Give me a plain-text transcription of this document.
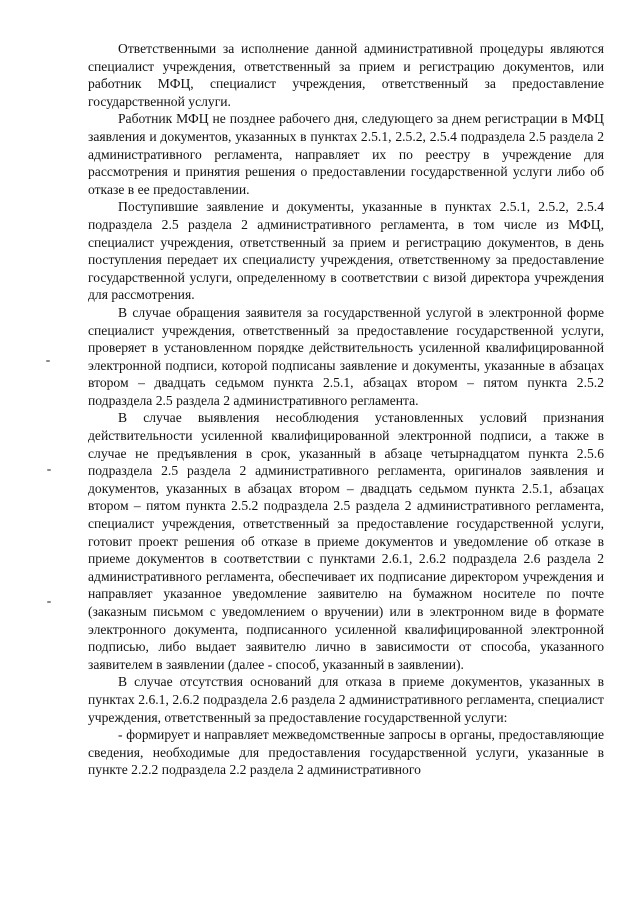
Ответственными за исполнение данной административной процедуры являются специалист учреждения, ответственный за прием и регистрацию документов, или работник МФЦ, специалист учреждения, ответственный за предоставление государственной услуги.

Работник МФЦ не позднее рабочего дня, следующего за днем регистрации в МФЦ заявления и документов, указанных в пунктах 2.5.1, 2.5.2, 2.5.4 подраздела 2.5 раздела 2 административного регламента, направляет их по реестру в учреждение для рассмотрения и принятия решения о предоставлении государственной услуги либо об отказе в ее предоставлении.

Поступившие заявление и документы, указанные в пунктах 2.5.1, 2.5.2, 2.5.4 подраздела 2.5 раздела 2 административного регламента, в том числе из МФЦ, специалист учреждения, ответственный за прием и регистрацию документов, в день поступления передает их специалисту учреждения, ответственному за предоставление государственной услуги, определенному в соответствии с визой директора учреждения для рассмотрения.

В случае обращения заявителя за государственной услугой в электронной форме специалист учреждения, ответственный за предоставление государственной услуги, проверяет в установленном порядке действительность усиленной квалифицированной электронной подписи, которой подписаны заявление и документы, указанные в абзацах втором – двадцать седьмом пункта 2.5.1, абзацах втором – пятом пункта 2.5.2 подраздела 2.5 раздела 2 административного регламента.

В случае выявления несоблюдения установленных условий признания действительности усиленной квалифицированной электронной подписи, а также в случае не предъявления в срок, указанный в абзаце четырнадцатом пункта 2.5.6 подраздела 2.5 раздела 2 административного регламента, оригиналов заявления и документов, указанных в абзацах втором – двадцать седьмом пункта 2.5.1, абзацах втором – пятом пункта 2.5.2 подраздела 2.5 раздела 2 административного регламента, специалист учреждения, ответственный за предоставление государственной услуги, готовит проект решения об отказе в приеме документов и уведомление об отказе в приеме документов в соответствии с пунктами 2.6.1, 2.6.2 подраздела 2.6 раздела 2 административного регламента, обеспечивает их подписание директором учреждения и направляет указанное уведомление заявителю на бумажном носителе по почте (заказным письмом с уведомлением о вручении) или в электронном виде в формате электронного документа, подписанного усиленной квалифицированной электронной подписью, либо выдает заявителю лично в зависимости от способа, указанного заявителем в заявлении (далее - способ, указанный в заявлении).

В случае отсутствия оснований для отказа в приеме документов, указанных в пунктах 2.6.1, 2.6.2 подраздела 2.6 раздела 2 административного регламента, специалист учреждения, ответственный за предоставление государственной услуги:

- формирует и направляет межведомственные запросы в органы, предоставляющие сведения, необходимые для предоставления государственной услуги, указанные в пункте 2.2.2 подраздела 2.2 раздела 2 административного
